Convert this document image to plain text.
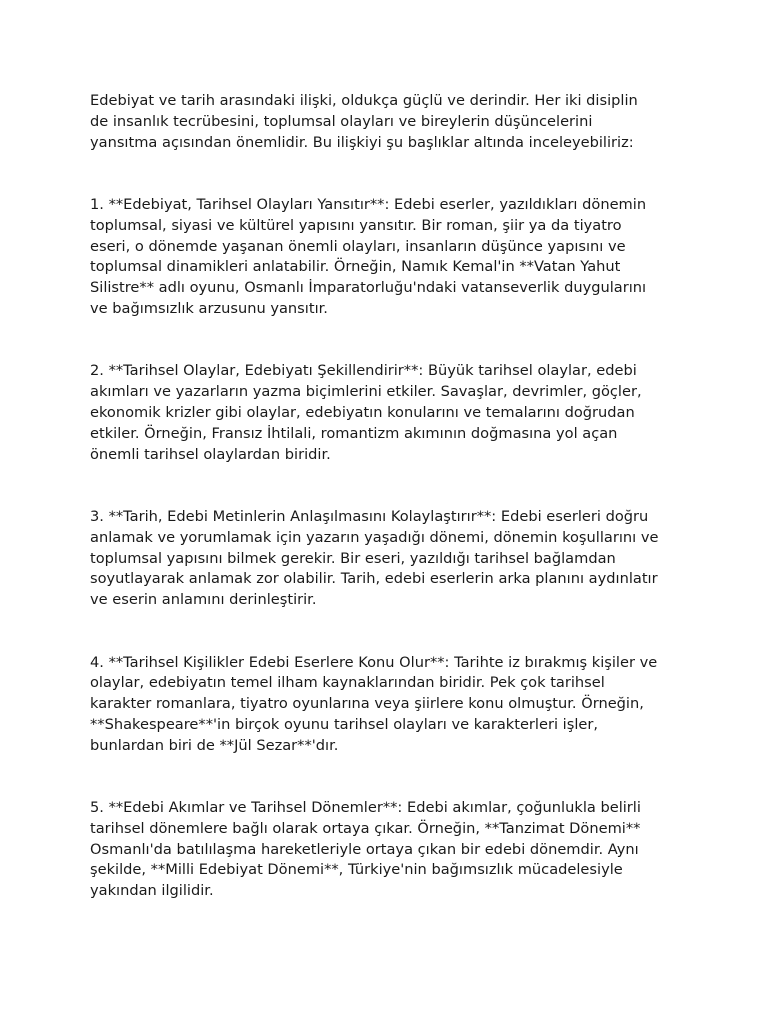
Edebiyat ve tarih arasındaki ilişki, oldukça güçlü ve derindir. Her iki disiplin
de insanlık tecrübesini, toplumsal olayları ve bireylerin düşüncelerini
yansıtma açısından önemlidir. Bu ilişkiyi şu başlıklar altında inceleyebiliriz:

1. **Edebiyat, Tarihsel Olayları Yansıtır**: Edebi eserler, yazıldıkları dönemin
toplumsal, siyasi ve kültürel yapısını yansıtır. Bir roman, şiir ya da tiyatro
eseri, o dönemde yaşanan önemli olayları, insanların düşünce yapısını ve
toplumsal dinamikleri anlatabilir. Örneğin, Namık Kemal'in **Vatan Yahut
Silistre** adlı oyunu, Osmanlı İmparatorluğu'ndaki vatanseverlik duygularını
ve bağımsızlık arzusunu yansıtır.

2. **Tarihsel Olaylar, Edebiyatı Şekillendirir**: Büyük tarihsel olaylar, edebi
akımları ve yazarların yazma biçimlerini etkiler. Savaşlar, devrimler, göçler,
ekonomik krizler gibi olaylar, edebiyatın konularını ve temalarını doğrudan
etkiler. Örneğin, Fransız İhtilali, romantizm akımının doğmasına yol açan
önemli tarihsel olaylardan biridir.

3. **Tarih, Edebi Metinlerin Anlaşılmasını Kolaylaştırır**: Edebi eserleri doğru
anlamak ve yorumlamak için yazarın yaşadığı dönemi, dönemin koşullarını ve
toplumsal yapısını bilmek gerekir. Bir eseri, yazıldığı tarihsel bağlamdan
soyutlayarak anlamak zor olabilir. Tarih, edebi eserlerin arka planını aydınlatır
ve eserin anlamını derinleştirir.

4. **Tarihsel Kişilikler Edebi Eserlere Konu Olur**: Tarihte iz bırakmış kişiler ve
olaylar, edebiyatın temel ilham kaynaklarından biridir. Pek çok tarihsel
karakter romanlara, tiyatro oyunlarına veya şiirlere konu olmuştur. Örneğin,
**Shakespeare**'in birçok oyunu tarihsel olayları ve karakterleri işler,
bunlardan biri de **Jül Sezar**'dır.

5. **Edebi Akımlar ve Tarihsel Dönemler**: Edebi akımlar, çoğunlukla belirli
tarihsel dönemlere bağlı olarak ortaya çıkar. Örneğin, **Tanzimat Dönemi**
Osmanlı'da batılılaşma hareketleriyle ortaya çıkan bir edebi dönemdir. Aynı
şekilde, **Milli Edebiyat Dönemi**, Türkiye'nin bağımsızlık mücadelesiyle
yakından ilgilidir.
